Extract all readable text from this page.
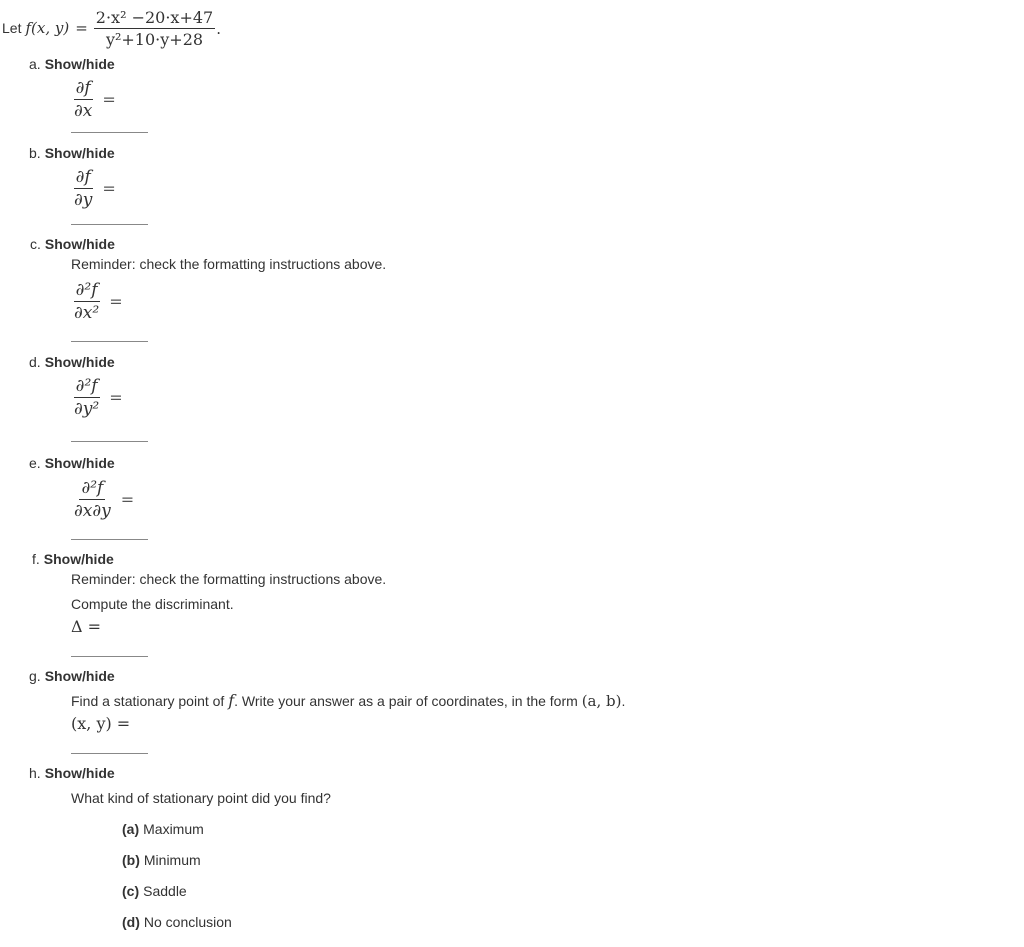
Let f(x, $y) = \frac{\text{2·x² −20·x+47}}{\text{y²+10·y+28}}$ .
a. Show/hide
$\frac{\partial f}{\partial x}$ =
b. Show/hide
$\frac{\partial f}{\partial y}$ =
c. Show/hide
Reminder: check the formatting instructions above.
$\frac{\text{∂²f}}{\text{∂x²}}$ =
d. Show/hide
$\frac{\text{∂²f}}{\text{∂y²}}$ =
e. Show/hide
$\frac{\text{∂²f}}{\partial x\partial y}$ =
f. Show/hide
Reminder: check the formatting instructions above.
Compute the discriminant.
Δ =
g. Show/hide
Find a stationary point of f. Write your answer as a pair of coordinates, in the form (a, b).
(x, y) =
h. Show/hide
What kind of stationary point did you find?
(a) Maximum
(b) Minimum
(c) Saddle
(d) No conclusion
